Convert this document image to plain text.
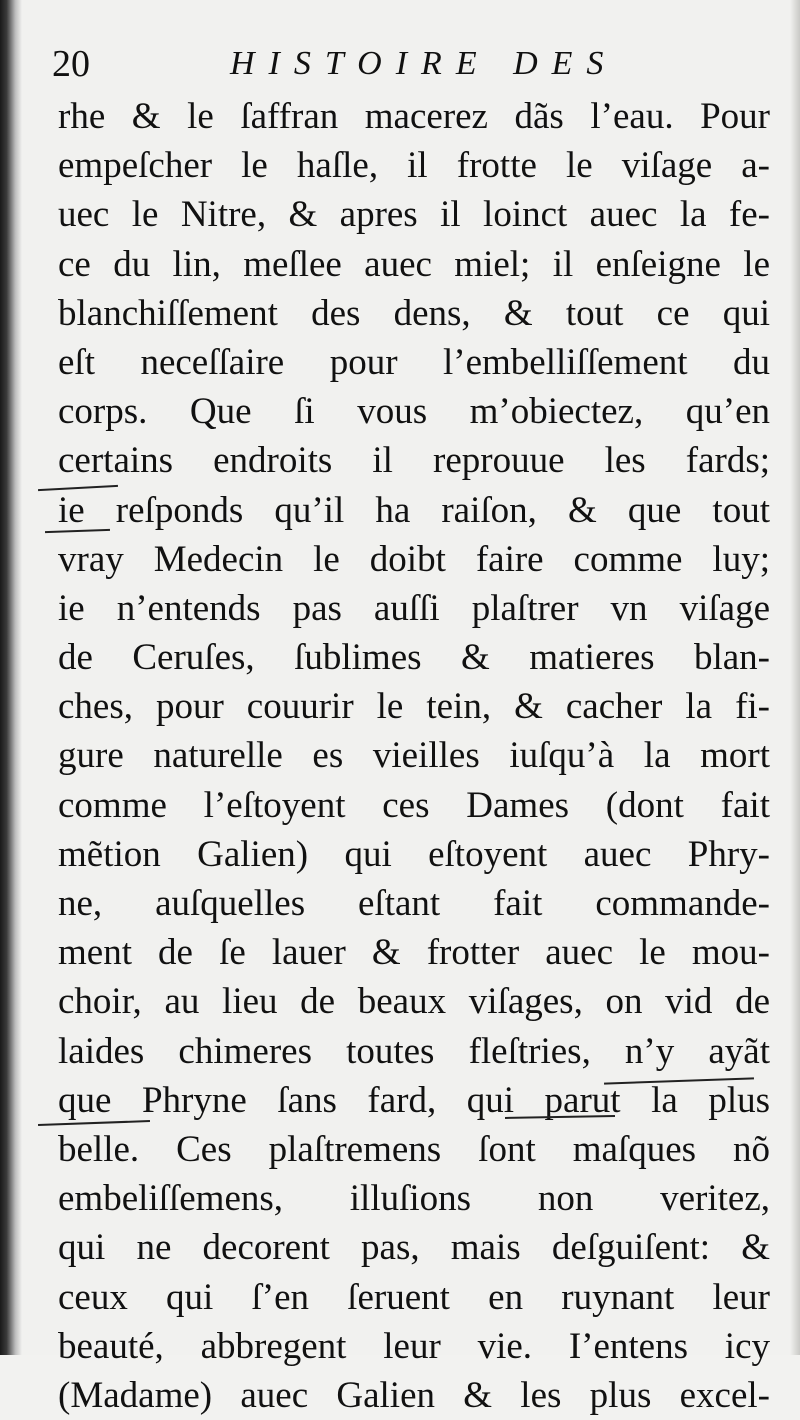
20	HISTOIRE DES
rhe & le ſaffran macerez dãs l’eau. Pour
empeſcher le haſle, il frotte le viſage a-
uec le Nitre, & apres il loinct auec la fe-
ce du lin, meſlee auec miel; il enſeigne le
blanchiſſement des dens, & tout ce qui
eſt neceſſaire pour l’embelliſſement du
corps. Que ſi vous m’obiectez, qu’en
certains endroits il reprouue les fards;
ie reſponds qu’il ha raiſon, & que tout
vray Medecin le doibt faire comme luy;
ie n’entends pas auſſi plaſtrer vn viſage
de Ceruſes, ſublimes & matieres blan-
ches, pour couurir le tein, & cacher la fi-
gure naturelle es vieilles iuſqu’à la mort
comme l’eſtoyent ces Dames (dont fait
mẽtion Galien) qui eſtoyent auec Phry-
ne, auſquelles eſtant fait commande-
ment de ſe lauer & frotter auec le mou-
choir, au lieu de beaux viſages, on vid de
laides chimeres toutes fleſtries, n’y ayãt
que Phryne ſans fard, qui parut la plus
belle. Ces plaſtremens ſont maſques nõ
embeliſſemens, illuſions non veritez,
qui ne decorent pas, mais deſguiſent: &
ceux qui ſ’en ſeruent en ruynant leur
beauté, abbregent leur vie. I’entens icy
(Madame) auec Galien & les plus excel-
